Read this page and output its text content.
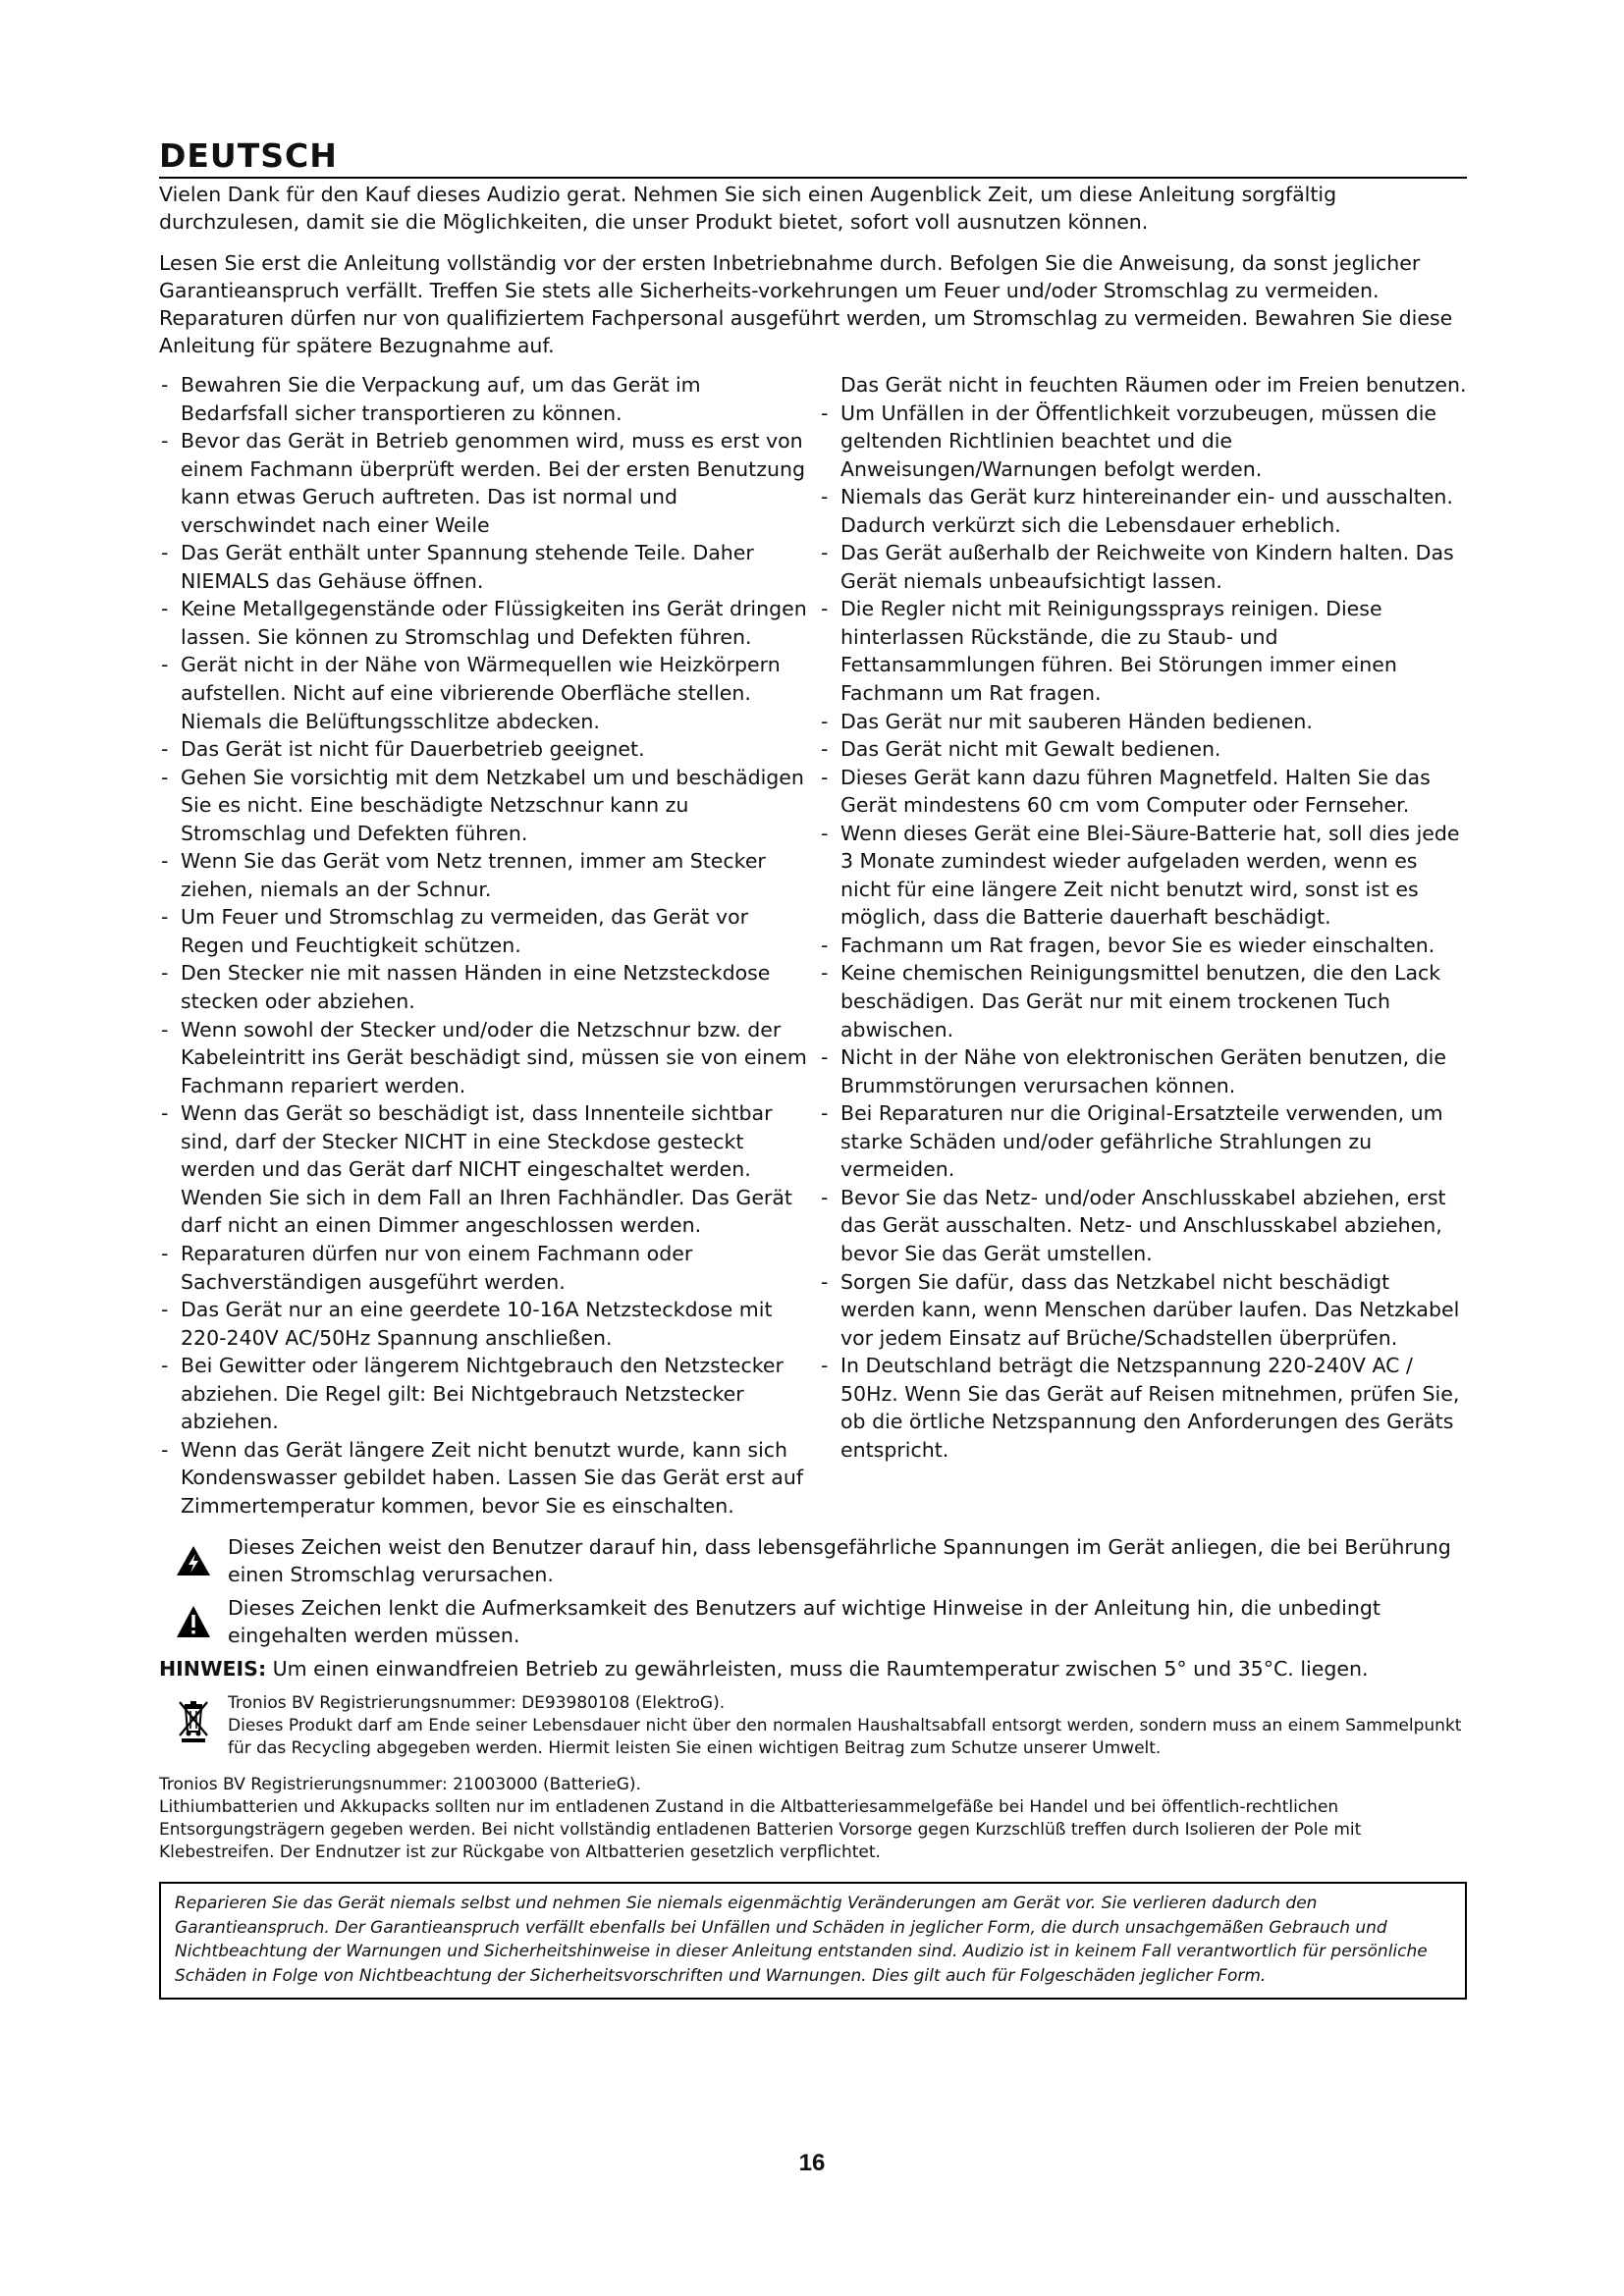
DEUTSCH

Vielen Dank für den Kauf dieses Audizio gerat. Nehmen Sie sich einen Augenblick Zeit, um diese Anleitung sorgfältig durchzulesen, damit sie die Möglichkeiten, die unser Produkt bietet, sofort voll ausnutzen können.

Lesen Sie erst die Anleitung vollständig vor der ersten Inbetriebnahme durch. Befolgen Sie die Anweisung, da sonst jeglicher Garantieanspruch verfällt. Treffen Sie stets alle Sicherheits-vorkehrungen um Feuer und/oder Stromschlag zu vermeiden. Reparaturen dürfen nur von qualifiziertem Fachpersonal ausgeführt werden, um Stromschlag zu vermeiden. Bewahren Sie diese Anleitung für spätere Bezugnahme auf.

- Bewahren Sie die Verpackung auf, um das Gerät im Bedarfsfall sicher transportieren zu können.
- Bevor das Gerät in Betrieb genommen wird, muss es erst von einem Fachmann überprüft werden. Bei der ersten Benutzung kann etwas Geruch auftreten. Das ist normal und verschwindet nach einer Weile
- Das Gerät enthält unter Spannung stehende Teile. Daher NIEMALS das Gehäuse öffnen.
- Keine Metallgegenstände oder Flüssigkeiten ins Gerät dringen lassen. Sie können zu Stromschlag und Defekten führen.
- Gerät nicht in der Nähe von Wärmequellen wie Heizkörpern aufstellen. Nicht auf eine vibrierende Oberfläche stellen. Niemals die Belüftungsschlitze abdecken.
- Das Gerät ist nicht für Dauerbetrieb geeignet.
- Gehen Sie vorsichtig mit dem Netzkabel um und beschädigen Sie es nicht. Eine beschädigte Netzschnur kann zu Stromschlag und Defekten führen.
- Wenn Sie das Gerät vom Netz trennen, immer am Stecker ziehen, niemals an der Schnur.
- Um Feuer und Stromschlag zu vermeiden, das Gerät vor Regen und Feuchtigkeit schützen.
- Den Stecker nie mit nassen Händen in eine Netzsteckdose stecken oder abziehen.
- Wenn sowohl der Stecker und/oder die Netzschnur bzw. der Kabeleintritt ins Gerät beschädigt sind, müssen sie von einem Fachmann repariert werden.
- Wenn das Gerät so beschädigt ist, dass Innenteile sichtbar sind, darf der Stecker NICHT in eine Steckdose gesteckt werden und das Gerät darf NICHT eingeschaltet werden. Wenden Sie sich in dem Fall an Ihren Fachhändler. Das Gerät darf nicht an einen Dimmer angeschlossen werden.
- Reparaturen dürfen nur von einem Fachmann oder Sachverständigen ausgeführt werden.
- Das Gerät nur an eine geerdete 10-16A Netzsteckdose mit 220-240V AC/50Hz Spannung anschließen.
- Bei Gewitter oder längerem Nichtgebrauch den Netzstecker abziehen. Die Regel gilt: Bei Nichtgebrauch Netzstecker abziehen.
- Wenn das Gerät längere Zeit nicht benutzt wurde, kann sich Kondenswasser gebildet haben. Lassen Sie das Gerät erst auf Zimmertemperatur kommen, bevor Sie es einschalten.
Das Gerät nicht in feuchten Räumen oder im Freien benutzen.
- Um Unfällen in der Öffentlichkeit vorzubeugen, müssen die geltenden Richtlinien beachtet und die Anweisungen/Warnungen befolgt werden.
- Niemals das Gerät kurz hintereinander ein- und ausschalten. Dadurch verkürzt sich die Lebensdauer erheblich.
- Das Gerät außerhalb der Reichweite von Kindern halten. Das Gerät niemals unbeaufsichtigt lassen.
- Die Regler nicht mit Reinigungssprays reinigen. Diese hinterlassen Rückstände, die zu Staub- und Fettansammlungen führen. Bei Störungen immer einen Fachmann um Rat fragen.
- Das Gerät nur mit sauberen Händen bedienen.
- Das Gerät nicht mit Gewalt bedienen.
- Dieses Gerät kann dazu führen Magnetfeld. Halten Sie das Gerät mindestens 60 cm vom Computer oder Fernseher.
- Wenn dieses Gerät eine Blei-Säure-Batterie hat, soll dies jede 3 Monate zumindest wieder aufgeladen werden, wenn es nicht für eine längere Zeit nicht benutzt wird, sonst ist es möglich, dass die Batterie dauerhaft beschädigt.
- Fachmann um Rat fragen, bevor Sie es wieder einschalten.
- Keine chemischen Reinigungsmittel benutzen, die den Lack beschädigen. Das Gerät nur mit einem trockenen Tuch abwischen.
- Nicht in der Nähe von elektronischen Geräten benutzen, die Brummstörungen verursachen können.
- Bei Reparaturen nur die Original-Ersatzteile verwenden, um starke Schäden und/oder gefährliche Strahlungen zu vermeiden.
- Bevor Sie das Netz- und/oder Anschlusskabel abziehen, erst das Gerät ausschalten. Netz- und Anschlusskabel abziehen, bevor Sie das Gerät umstellen.
- Sorgen Sie dafür, dass das Netzkabel nicht beschädigt werden kann, wenn Menschen darüber laufen. Das Netzkabel vor jedem Einsatz auf Brüche/Schadstellen überprüfen.
- In Deutschland beträgt die Netzspannung 220-240V AC / 50Hz. Wenn Sie das Gerät auf Reisen mitnehmen, prüfen Sie, ob die örtliche Netzspannung den Anforderungen des Geräts entspricht.
Dieses Zeichen weist den Benutzer darauf hin, dass lebensgefährliche Spannungen im Gerät anliegen, die bei Berührung einen Stromschlag verursachen.
Dieses Zeichen lenkt die Aufmerksamkeit des Benutzers auf wichtige Hinweise in der Anleitung hin, die unbedingt eingehalten werden müssen.
HINWEIS: Um einen einwandfreien Betrieb zu gewährleisten, muss die Raumtemperatur zwischen 5° und 35°C. liegen.
Tronios BV Registrierungsnummer: DE93980108 (ElektroG).
Dieses Produkt darf am Ende seiner Lebensdauer nicht über den normalen Haushaltsabfall entsorgt werden, sondern muss an einem Sammelpunkt für das Recycling abgegeben werden. Hiermit leisten Sie einen wichtigen Beitrag zum Schutze unserer Umwelt.
Tronios BV Registrierungsnummer: 21003000 (BatterieG).
Lithiumbatterien und Akkupacks sollten nur im entladenen Zustand in die Altbatteriesammelgefäße bei Handel und bei öffentlich-rechtlichen Entsorgungsträgern gegeben werden. Bei nicht vollständig entladenen Batterien Vorsorge gegen Kurzschlüß treffen durch Isolieren der Pole mit Klebestreifen. Der Endnutzer ist zur Rückgabe von Altbatterien gesetzlich verpflichtet.
Reparieren Sie das Gerät niemals selbst und nehmen Sie niemals eigenmächtig Veränderungen am Gerät vor. Sie verlieren dadurch den Garantieanspruch. Der Garantieanspruch verfällt ebenfalls bei Unfällen und Schäden in jeglicher Form, die durch unsachgemäßen Gebrauch und Nichtbeachtung der Warnungen und Sicherheitshinweise in dieser Anleitung entstanden sind. Audizio ist in keinem Fall verantwortlich für persönliche Schäden in Folge von Nichtbeachtung der Sicherheitsvorschriften und Warnungen. Dies gilt auch für Folgeschäden jeglicher Form.
16
